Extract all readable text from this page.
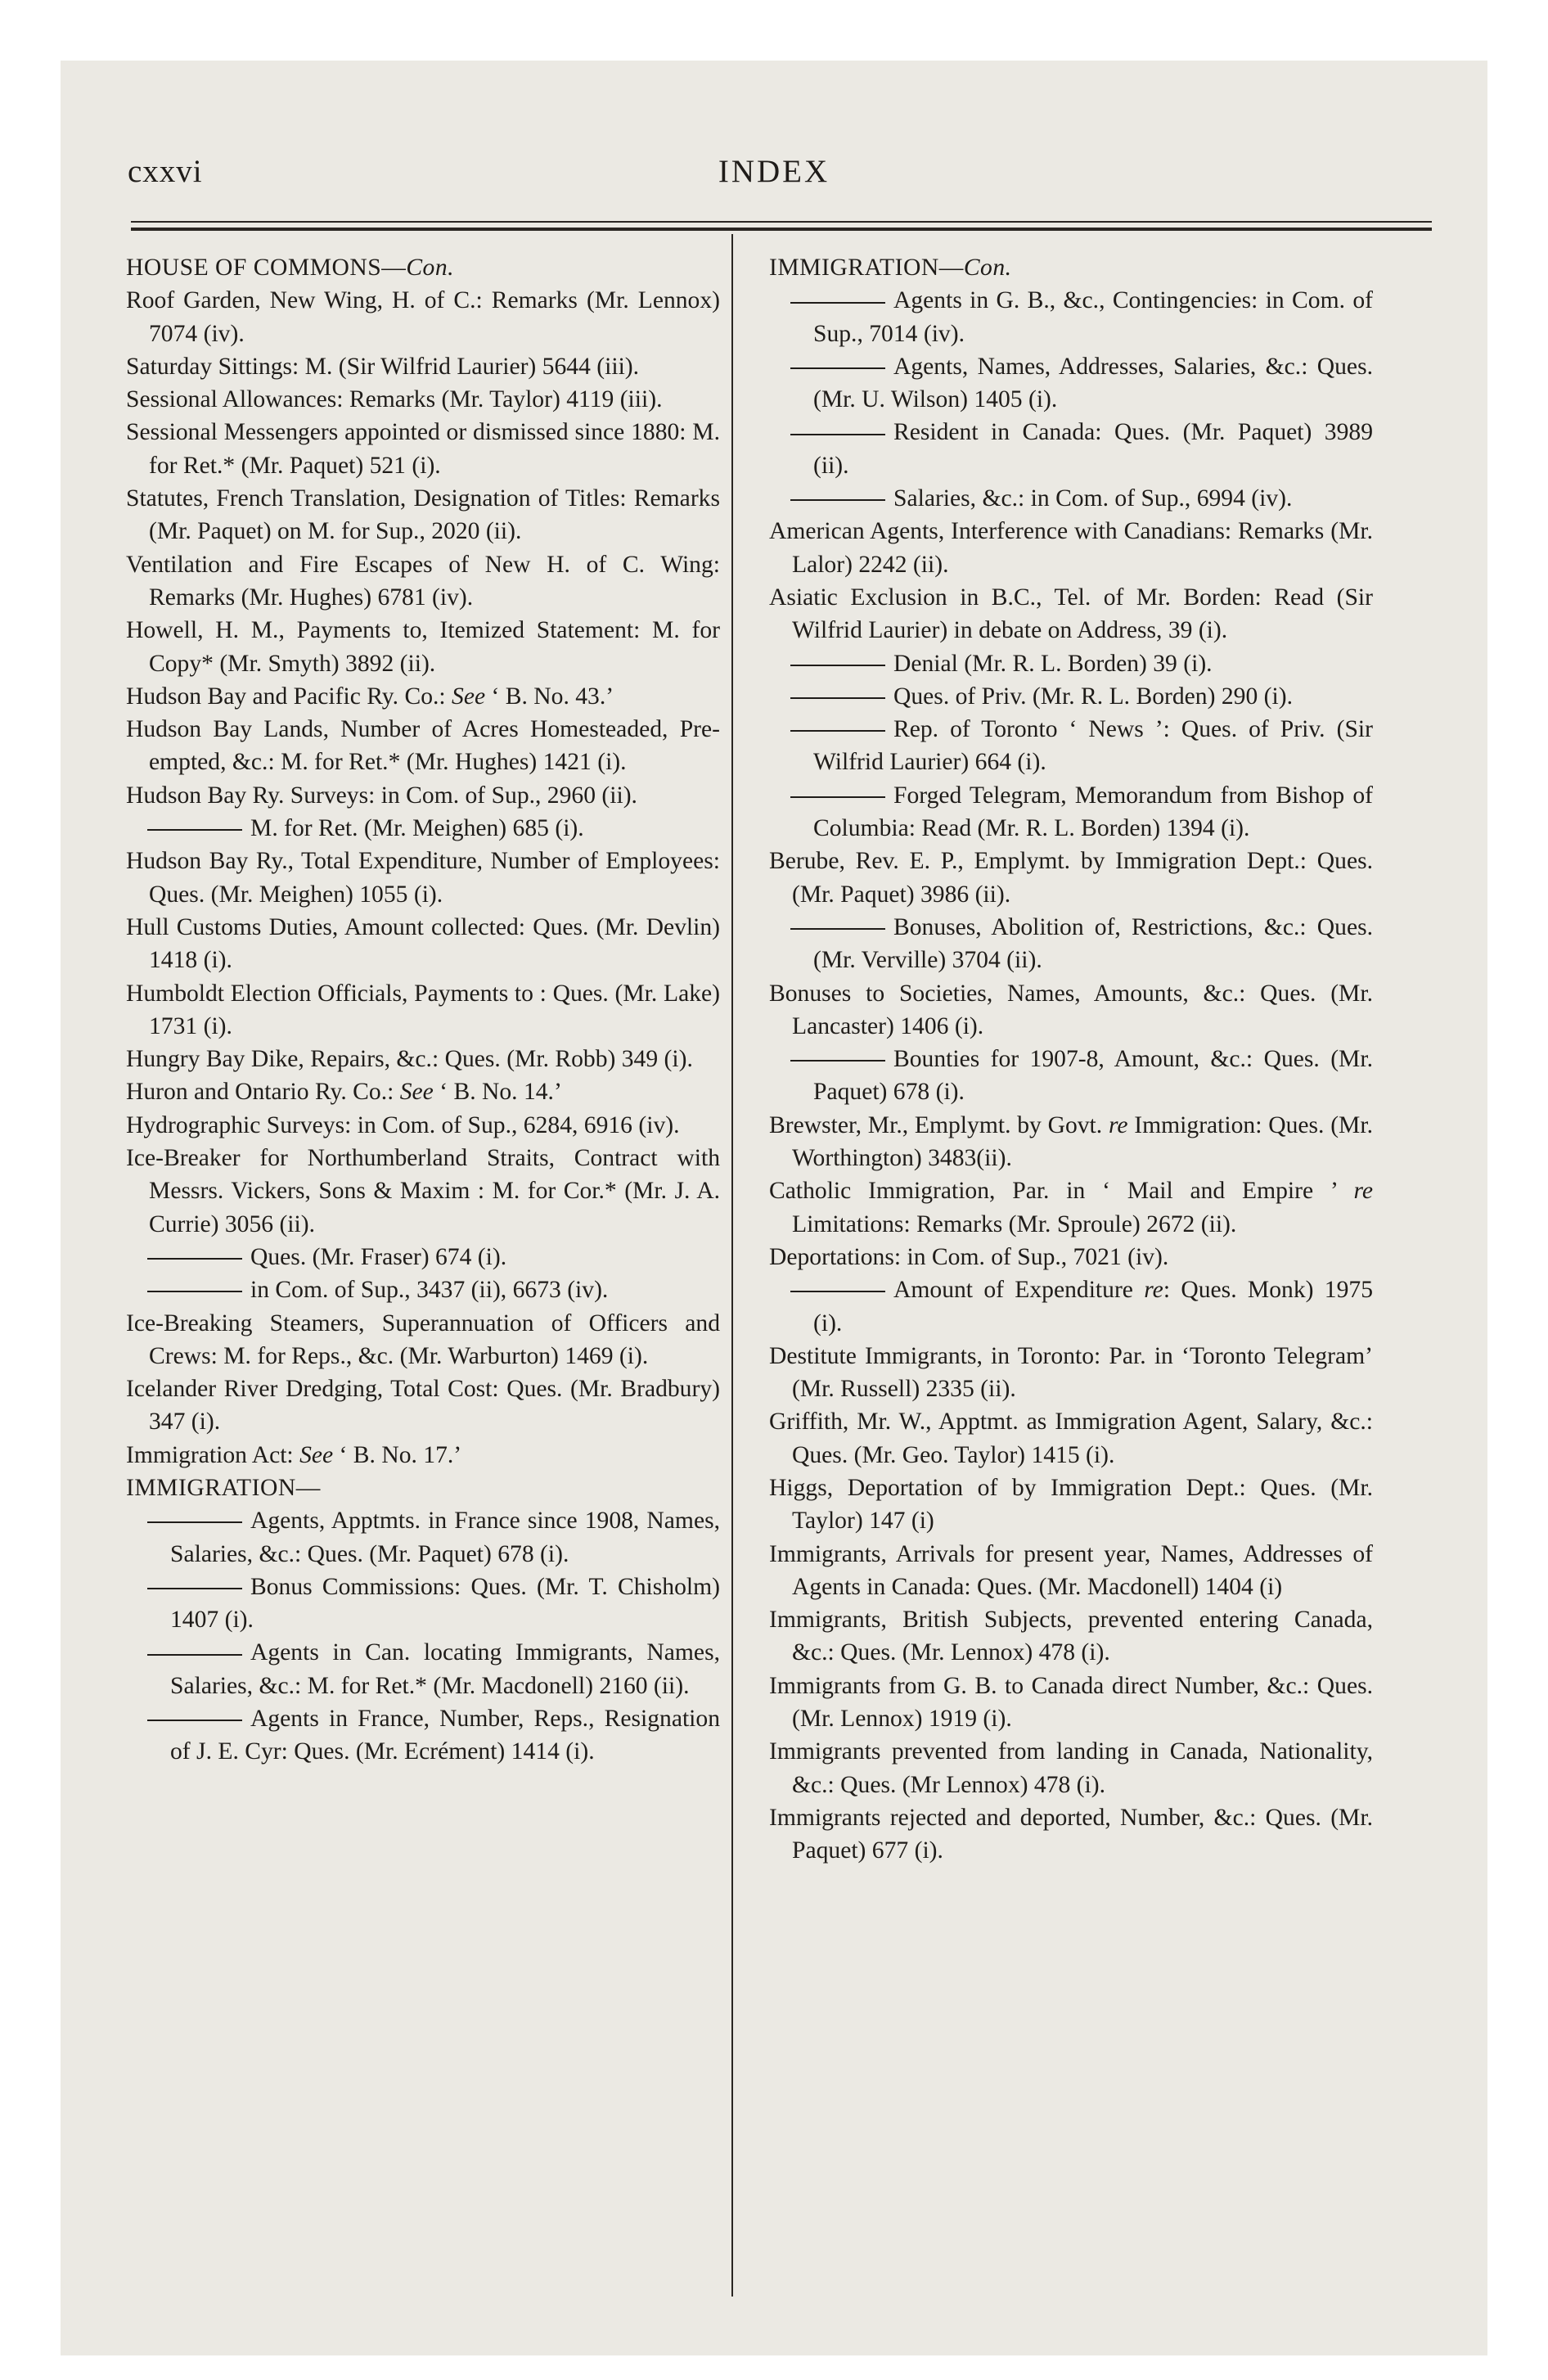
cxxvi	INDEX
HOUSE OF COMMONS—Con.
Roof Garden, New Wing, H. of C.: Remarks (Mr. Lennox) 7074 (iv).
Saturday Sittings: M. (Sir Wilfrid Laurier) 5644 (iii).
Sessional Allowances: Remarks (Mr. Taylor) 4119 (iii).
Sessional Messengers appointed or dismissed since 1880: M. for Ret.* (Mr. Paquet) 521 (i).
Statutes, French Translation, Designation of Titles: Remarks (Mr. Paquet) on M. for Sup., 2020 (ii).
Ventilation and Fire Escapes of New H. of C. Wing: Remarks (Mr. Hughes) 6781 (iv).
Howell, H. M., Payments to, Itemized Statement: M. for Copy* (Mr. Smyth) 3892 (ii).
Hudson Bay and Pacific Ry. Co.: See ‘ B. No. 43.’
Hudson Bay Lands, Number of Acres Homesteaded, Pre-empted, &c.: M. for Ret.* (Mr. Hughes) 1421 (i).
Hudson Bay Ry. Surveys: in Com. of Sup., 2960 (ii).
M. for Ret. (Mr. Meighen) 685 (i).
Hudson Bay Ry., Total Expenditure, Number of Employees: Ques. (Mr. Meighen) 1055 (i).
Hull Customs Duties, Amount collected: Ques. (Mr. Devlin) 1418 (i).
Humboldt Election Officials, Payments to : Ques. (Mr. Lake) 1731 (i).
Hungry Bay Dike, Repairs, &c.: Ques. (Mr. Robb) 349 (i).
Huron and Ontario Ry. Co.: See ‘ B. No. 14.’
Hydrographic Surveys: in Com. of Sup., 6284, 6916 (iv).
Ice-Breaker for Northumberland Straits, Contract with Messrs. Vickers, Sons & Maxim : M. for Cor.* (Mr. J. A. Currie) 3056 (ii).
Ques. (Mr. Fraser) 674 (i).
in Com. of Sup., 3437 (ii), 6673 (iv).
Ice-Breaking Steamers, Superannuation of Officers and Crews: M. for Reps., &c. (Mr. Warburton) 1469 (i).
Icelander River Dredging, Total Cost: Ques. (Mr. Bradbury) 347 (i).
Immigration Act: See ‘ B. No. 17.’
IMMIGRATION—
Agents, Apptmts. in France since 1908, Names, Salaries, &c.: Ques. (Mr. Paquet) 678 (i).
Bonus Commissions: Ques. (Mr. T. Chisholm) 1407 (i).
Agents in Can. locating Immigrants, Names, Salaries, &c.: M. for Ret.* (Mr. Macdonell) 2160 (ii).
Agents in France, Number, Reps., Resignation of J. E. Cyr: Ques. (Mr. Ecrément) 1414 (i).
IMMIGRATION—Con.
Agents in G. B., &c., Contingencies: in Com. of Sup., 7014 (iv).
Agents, Names, Addresses, Salaries, &c.: Ques. (Mr. U. Wilson) 1405 (i).
Resident in Canada: Ques. (Mr. Paquet) 3989 (ii).
Salaries, &c.: in Com. of Sup., 6994 (iv).
American Agents, Interference with Canadians: Remarks (Mr. Lalor) 2242 (ii).
Asiatic Exclusion in B.C., Tel. of Mr. Borden: Read (Sir Wilfrid Laurier) in debate on Address, 39 (i).
Denial (Mr. R. L. Borden) 39 (i).
Ques. of Priv. (Mr. R. L. Borden) 290 (i).
Rep. of Toronto ‘ News ’: Ques. of Priv. (Sir Wilfrid Laurier) 664 (i).
Forged Telegram, Memorandum from Bishop of Columbia: Read (Mr. R. L. Borden) 1394 (i).
Berube, Rev. E. P., Emplymt. by Immigration Dept.: Ques. (Mr. Paquet) 3986 (ii).
Bonuses, Abolition of, Restrictions, &c.: Ques. (Mr. Verville) 3704 (ii).
Bonuses to Societies, Names, Amounts, &c.: Ques. (Mr. Lancaster) 1406 (i).
Bounties for 1907-8, Amount, &c.: Ques. (Mr. Paquet) 678 (i).
Brewster, Mr., Emplymt. by Govt. re Immigration: Ques. (Mr. Worthington) 3483(ii).
Catholic Immigration, Par. in ‘ Mail and Empire ’ re Limitations: Remarks (Mr. Sproule) 2672 (ii).
Deportations: in Com. of Sup., 7021 (iv).
Amount of Expenditure re: Ques. Monk) 1975 (i).
Destitute Immigrants, in Toronto: Par. in ‘Toronto Telegram’ (Mr. Russell) 2335 (ii).
Griffith, Mr. W., Apptmt. as Immigration Agent, Salary, &c.: Ques. (Mr. Geo. Taylor) 1415 (i).
Higgs, Deportation of by Immigration Dept.: Ques. (Mr. Taylor) 147 (i)
Immigrants, Arrivals for present year, Names, Addresses of Agents in Canada: Ques. (Mr. Macdonell) 1404 (i)
Immigrants, British Subjects, prevented entering Canada, &c.: Ques. (Mr. Lennox) 478 (i).
Immigrants from G. B. to Canada direct Number, &c.: Ques. (Mr. Lennox) 1919 (i).
Immigrants prevented from landing in Canada, Nationality, &c.: Ques. (Mr Lennox) 478 (i).
Immigrants rejected and deported, Number, &c.: Ques. (Mr. Paquet) 677 (i).
